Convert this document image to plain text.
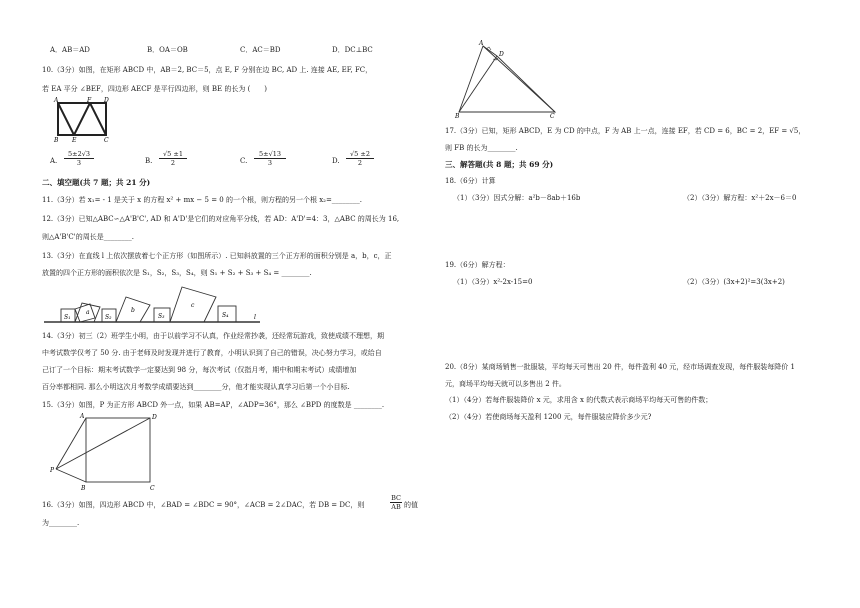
A．AB＝AD	B．OA＝OB	C．AC＝BD	D．DC⊥BC
10.（3分）如图，在矩形 ABCD 中，AB＝2, BC＝5，点 E, F 分别在边 BC, AD 上. 连接 AE, EF, FC，
若 EA 平分 ∠BEF，四边形 AECF 是平行四边形，则 BE 的长为 (　　)
A	F D
B E	C
A. $\frac{5\pm 2√3}{3}$	B. $\frac{√5 \pm 1}{2}$	C. $\frac{5\pm√13}{3}$	D. $\frac{√5 \pm 2}{2}$
二、填空题(共 7 题；共 21 分)
11.（3分）若 x₁= - 1 是关于 x 的方程 x² + mx − 5 = 0 的一个根，则方程的另一个根 x₂=________.
12.（3分）已知△ABC∽△A'B'C', AD 和 A'D'是它们的对应角平分线，若 AD：A'D'=4：3，△ABC 的周长为 16,
则△A'B'C'的周长是________.
13.（3分）在直线 l 上依次摆放着七个正方形（如图所示）. 已知斜放置的三个正方形的面积分别是 a，b，c，正
放置的四个正方形的面积依次是 S₁，S₂，S₃，S₄，则 S₁ + S₂ + S₃ + S₄ = ________.
S₁
a
S₂
b
S₃
c
S₄	l
14.（3分）初三（2）班学生小明，由于以前学习不认真，作业经常抄袭，还经常玩游戏，致使成绩不理想，期
中考试数学仅考了 50 分. 由于老师及时发现并进行了教育，小明认识到了自己的错误，决心努力学习，或给自
己订了一个目标：期末考试数学一定要达到 98 分，每次考试（仅指月考，期中和期末考试）成绩增加
百分率都相同. 那么小明这次月考数学成绩要达到________分，他才能实现认真学习后第一个小目标.
15.（3分）如图，P 为正方形 ABCD 外一点，如果 AB=AP，∠ADP=36°，那么 ∠BPD 的度数是 ________.
A	D
P
B	C
16.（3分）如图，四边形 ABCD 中，∠BAD = ∠BDC = 90°，∠ACB = 2∠DAC，若 DB = DC，则	$\frac{BC}{AB}$ 的值
为________.
A
D
B	C
17.（3分）已知，矩形 ABCD，E 为 CD 的中点，F 为 AB 上一点，连接 EF，若 CD = 6，BC = 2，EF = √5，
则 FB 的长为________.
三、解答题(共 8 题；共 69 分)
18.（6分）计算
（1）（3分）因式分解：a²b－8ab＋16b	（2）（3分）解方程：x²＋2x－6＝0
19.（6分）解方程：
（1）（3分）x²-2x-15=0	（2）（3分）(3x+2)²=3(3x+2)
20.（8分）某商场销售一批服装，平均每天可售出 20 件，每件盈利 40 元，经市场调查发现，每件服装每降价 1
元，商场平均每天就可以多售出 2 件。
（1）（4分）若每件服装降价 x 元，求用含 x 的代数式表示商场平均每天可售的件数；
（2）（4分）若使商场每天盈利 1200 元，每件服装应降价多少元?
